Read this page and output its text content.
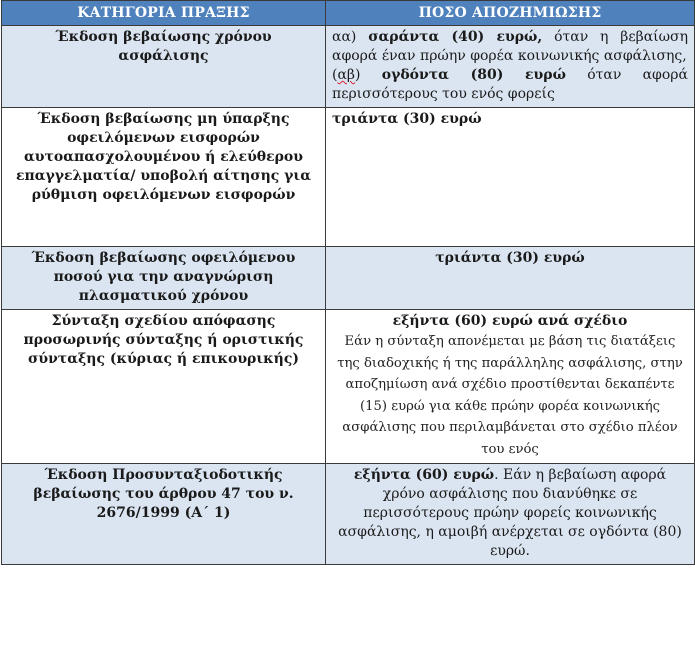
ΚΑΤΗΓΟΡΙΑ ΠΡΑΞΗΣ	ΠΟΣΟ ΑΠΟΖΗΜΙΩΣΗΣ
Έκδοση βεβαίωσης χρόνου ασφάλισης	αα) σαράντα (40) ευρώ, όταν η βεβαίωση αφορά έναν πρώην φορέα κοινωνικής ασφάλισης,
(αβ) ογδόντα (80) ευρώ όταν αφορά περισσότερους του ενός φορείς
Έκδοση βεβαίωσης μη ύπαρξης οφειλόμενων εισφορών αυτοαπασχολουμένου ή ελεύθερου επαγγελματία/ υποβολή αίτησης για ρύθμιση οφειλόμενων εισφορών	τριάντα (30) ευρώ
Έκδοση βεβαίωσης οφειλόμενου ποσού για την αναγνώριση πλασματικού χρόνου	τριάντα (30) ευρώ
Σύνταξη σχεδίου απόφασης προσωρινής σύνταξης ή οριστικής σύνταξης (κύριας ή επικουρικής)	εξήντα (60) ευρώ ανά σχέδιο
Εάν η σύνταξη απονέμεται με βάση τις διατάξεις της διαδοχικής ή της παράλληλης ασφάλισης, στην αποζημίωση ανά σχέδιο προστίθενται δεκαπέντε (15) ευρώ για κάθε πρώην φορέα κοινωνικής ασφάλισης που περιλαμβάνεται στο σχέδιο πλέον του ενός

Έκδοση Προσυνταξιοδοτικής βεβαίωσης του άρθρου 47 του ν. 2676/1999 (Α΄ 1)	εξήντα (60) ευρώ. Εάν η βεβαίωση αφορά χρόνο ασφάλισης που διανύθηκε σε περισσότερους πρώην φορείς κοινωνικής ασφάλισης, η αμοιβή ανέρχεται σε ογδόντα (80) ευρώ.
